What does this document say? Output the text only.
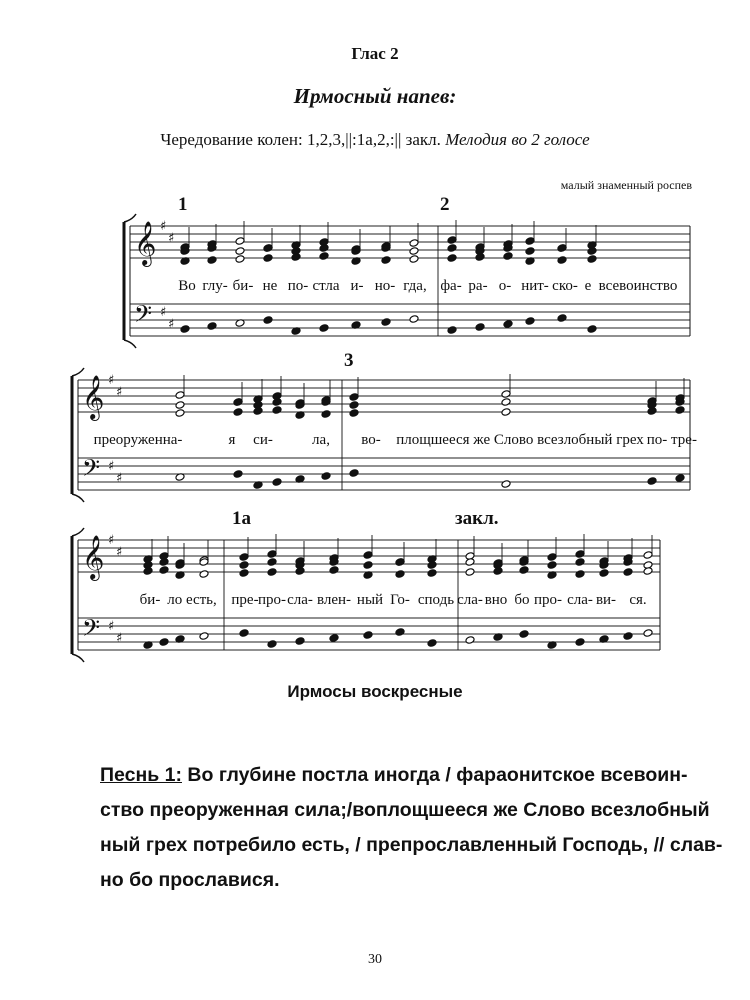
Глас 2
Ирмосный напев:
Чередование колен: 1,2,3,||:1а,2,:|| закл. Мелодия во 2 голосе
малый знаменный роспев
𝄞
𝄢
♯
♯
♯
♯
1	2
Во глу- би- не по- стла и- но- гда, фа- ра- о- нит- ско- е всевоинство
𝄞
𝄢
♯
♯
♯
♯
3
преоруженна-	я си-	ла, во- площшееся же Слово всезлобный грех по- тре-
𝄞
𝄢
♯
♯
♯
♯
1а	закл.
би- ло есть, пре- про- сла- влен- ный Го- сподь сла- вно бо про- сла- ви- ся.
Ирмосы воскресные
Песнь 1: Во глубине постла иногда / фараонитское всевоин-
ство преоруженная сила;/воплощшееся же Слово всезлобный
ный грех потребило есть, / препрославленный Господь, // слав-
но бо прославися.
30
